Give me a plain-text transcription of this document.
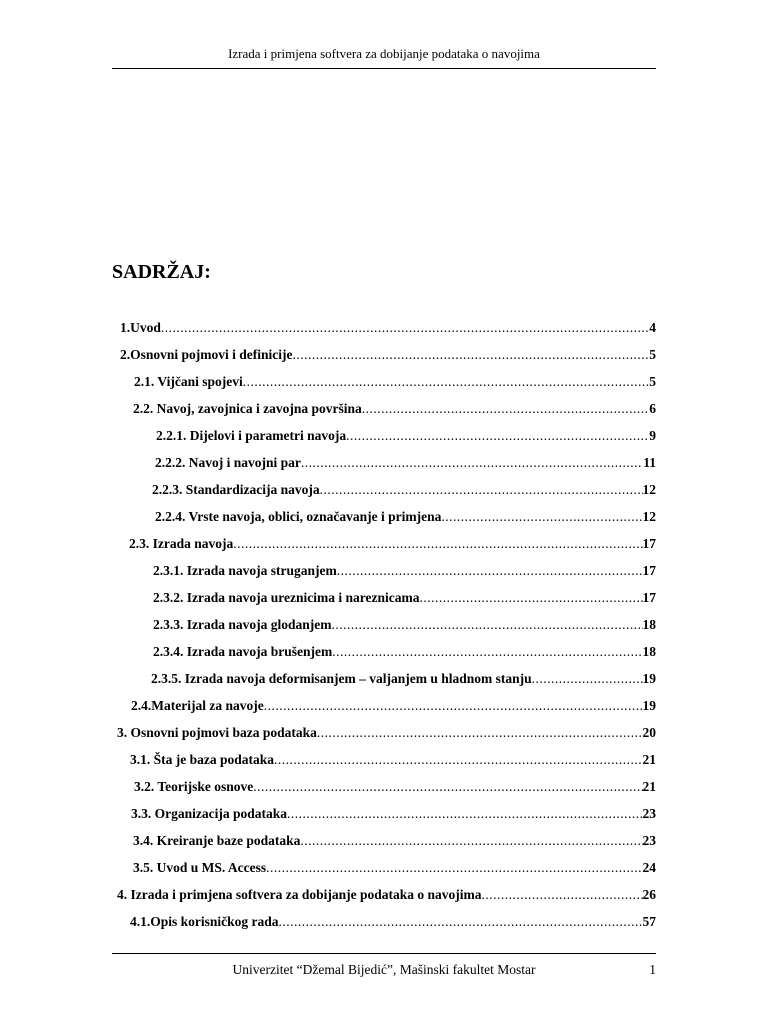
Izrada i primjena softvera za dobijanje podataka o navojima
SADRŽAJ:
1.Uvod .....	4
2.Osnovni pojmovi i definicije .....	5
2.1. Vijčani spojevi .....	5
2.2. Navoj, zavojnica i zavojna površina .....	6
2.2.1. Dijelovi i parametri navoja .....	9
2.2.2. Navoj i navojni par .....	11
2.2.3. Standardizacija navoja .....	12
2.2.4. Vrste navoja, oblici, označavanje i primjena .....	12
2.3. Izrada navoja .....	17
2.3.1. Izrada navoja struganjem .....	17
2.3.2. Izrada navoja ureznicima i nareznicama .....	17
2.3.3. Izrada navoja glodanjem .....	18
2.3.4. Izrada navoja brušenjem .....	18
2.3.5. Izrada navoja deformisanjem – valjanjem u hladnom stanju .....	19
2.4.Materijal za navoje .....	19
3. Osnovni pojmovi baza podataka .....	20
3.1. Šta je baza podataka .....	21
3.2. Teorijske osnove .....	21
3.3. Organizacija podataka .....	23
3.4. Kreiranje baze podataka .....	23
3.5. Uvod u MS. Access .....	24
4. Izrada i primjena softvera za dobijanje podataka o navojima .....	26
4.1.Opis korisničkog rada .....	57
Univerzitet “Džemal Bijedić”, Mašinski fakultet Mostar	1
